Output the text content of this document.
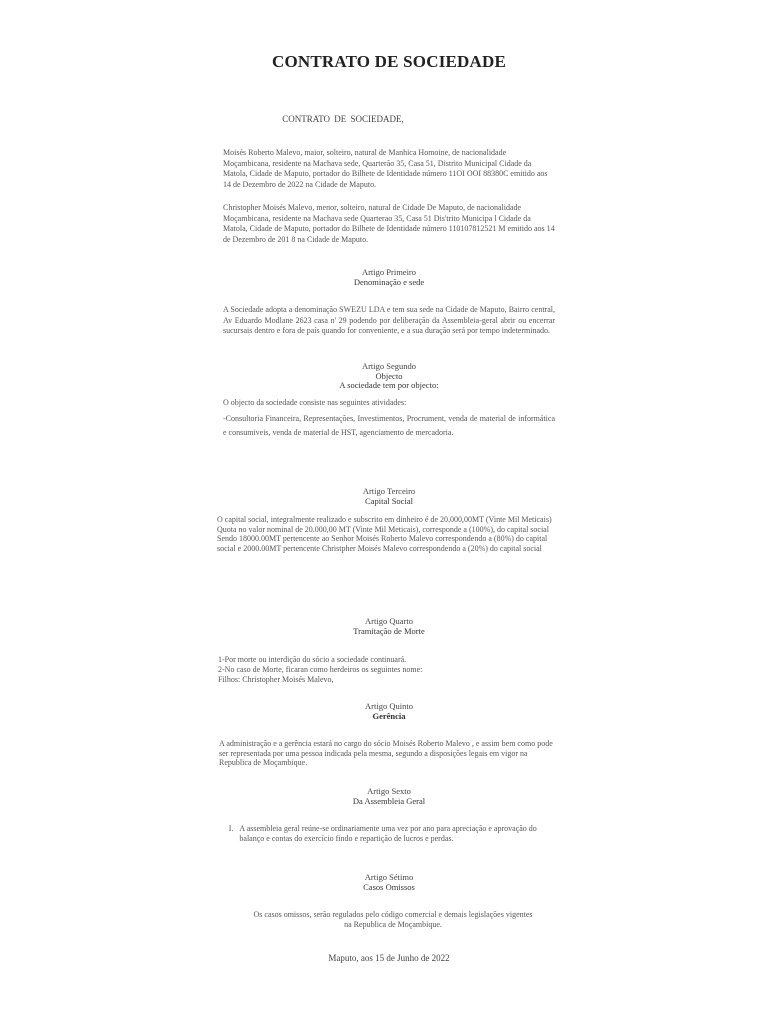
CONTRATO DE SOCIEDADE
CONTRATO DE SOCIEDADE,
Moisés Roberto Malevo, maior, solteiro, natural de Manhica Homoine, de nacionalidade Moçambicana, residente na Machava sede, Quarterão 35, Casa 51, Distrito Municipal Cidade da Matola, Cidade de Maputo, portador do Bilhete de Identidade número 11OI OOI 88380C emitido aos 14 de Dezembro de 2022 na Cidade de Maputo.
Christopher Moisés Malevo, menor, solteiro, natural de Cidade De Maputo, de nacionalidade Moçambicana, residente na Machava sede Quarterao 35, Casa 51 Dis'trito Municipa l Cidade da Matola, Cidade de Maputo, portador do Bilhete de Identidade número 110107812521 M emitido aos 14 de Dezembro de 201 8 na Cidade de Maputo.
Artigo Primeiro
Denominação e sede
A Sociedade adopta a denominação SWEZU LDA e tem sua sede na Cidade de Maputo, Bairro central, Av Eduardo Modlane 2623 casa n' 29 podendo por deliberação da Assembleia-geral abrir ou encerrar sucursais dentro e fora de país quando for conveniente, e a sua duração será por tempo indeterminado.
Artigo Segundo
Objecto
A sociedade tem por objecto:
O objecto da sociedade consiste nas seguintes atividades:
-Consultoria Financeira, Representações, Investimentos, Procrument, venda de material de informática e consumiveis, venda de material de HST, agenciamento de mercadoria.
Artigo Terceiro
Capital Social
O capital social, integralmente realizado e subscrito em dinheiro é de 20.000,00MT (Vinte Mil Meticais)
Quota no valor nominal de 20.000,00 MT (Vinte Mil Meticais), corresponde a (100%), do capital social
Sendo 18000.00MT pertencente ao Senhor Moisés Roberto Malevo correspondendo a (80%) do capital social e 2000.00MT pertencente Christpher Moisés Malevo correspondendo a (20%) do capital social
Artigo Quarto
Tramitação de Morte
1-Por morte ou interdição do sócio a sociedade continuará.
2-No caso de Morte, ficaran como herdeiros os seguintes nome:
Filhos: Christopher Moisés Malevo,
Artigo Quinto
Gerência
A administração e a gerência estará no cargo do sócio Moisés Roberto Malevo , e assim bem como pode ser representada por uma pessoa indicada pela mesma, segundo a disposições legais em vigor na Republica de Moçambique.
Artigo Sexto
Da Assembleia Geral
I. A assembleia geral reúne-se ordinariamente uma vez por ano para apreciação e aprovação do balanço e contas do exercício findo e repartição de lucros e perdas.
Artigo Sétimo
Casos Omissos
Os casos omissos, serão regulados pelo código comercial e demais legislações vigentes
na Republica de Moçambique.
Maputo, aos 15 de Junho de 2022
